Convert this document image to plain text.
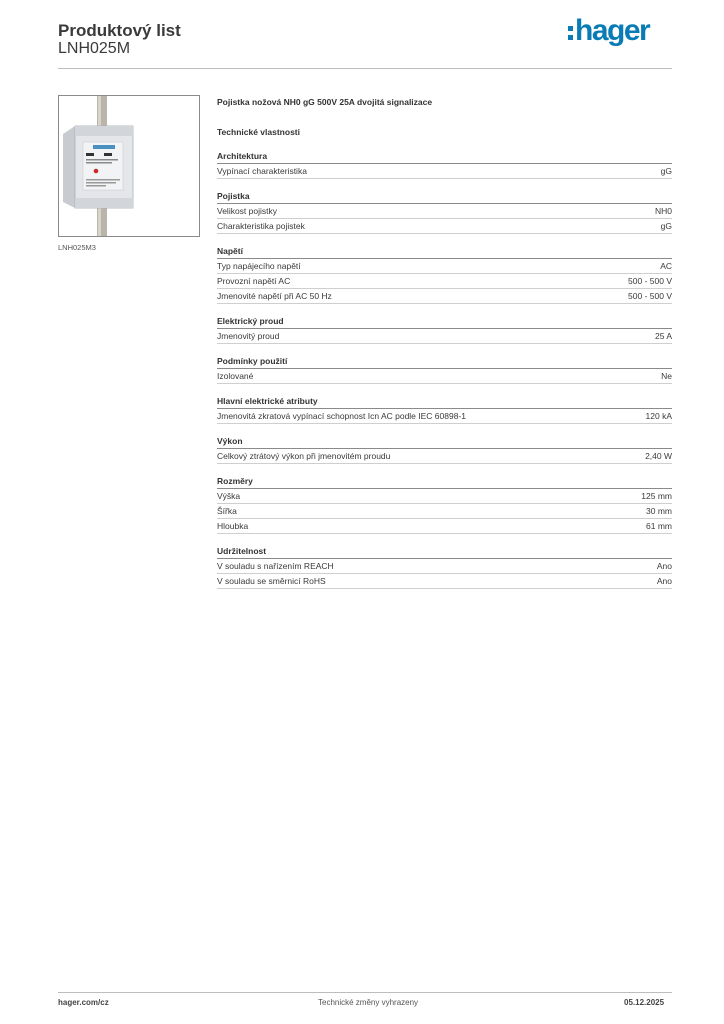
Produktový list
LNH025M
hager
LNH025M3
Pojistka nožová NH0 gG 500V 25A dvojitá signalizace
Technické vlastnosti
Architektura
Vypínací charakteristika	gG
Pojistka
Velikost pojistky	NH0
Charakteristika pojistek	gG
Napětí
Typ napájecího napětí	AC
Provozní napětí AC	500 - 500 V
Jmenovité napětí při AC 50 Hz	500 - 500 V
Elektrický proud
Jmenovitý proud	25 A
Podmínky použití
Izolované	Ne
Hlavní elektrické atributy
Jmenovitá zkratová vypínací schopnost Icn AC podle IEC 60898-1	120 kA
Výkon
Celkový ztrátový výkon při jmenovitém proudu	2,40 W
Rozměry
Výška	125 mm
Šířka	30 mm
Hloubka	61 mm
Udržitelnost
V souladu s nařízením REACH	Ano
V souladu se směrnicí RoHS	Ano
hager.com/cz	Technické změny vyhrazeny	05.12.2025
